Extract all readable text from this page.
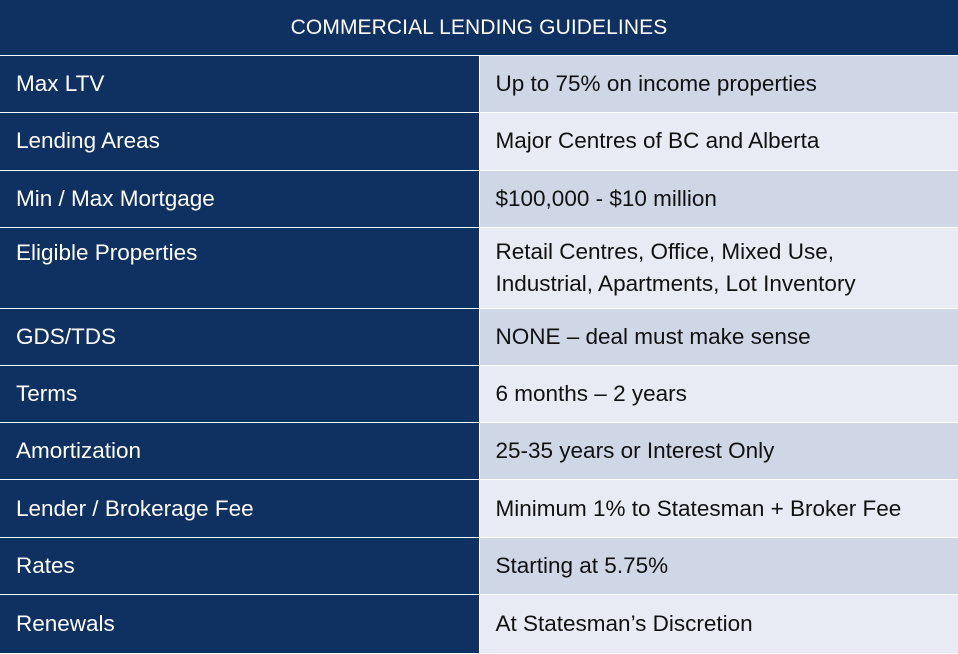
COMMERCIAL LENDING GUIDELINES	
Max LTV	Up to 75% on income properties
Lending Areas	Major Centres of BC and Alberta
Min / Max Mortgage	$100,000 - $10 million
Eligible Properties	Retail Centres, Office, Mixed Use,
Industrial, Apartments, Lot Inventory

GDS/TDS	NONE – deal must make sense
Terms	6 months – 2 years
Amortization	25-35 years or Interest Only
Lender / Brokerage Fee	Minimum 1% to Statesman + Broker Fee
Rates	Starting at 5.75%
Renewals	At Statesman’s Discretion
